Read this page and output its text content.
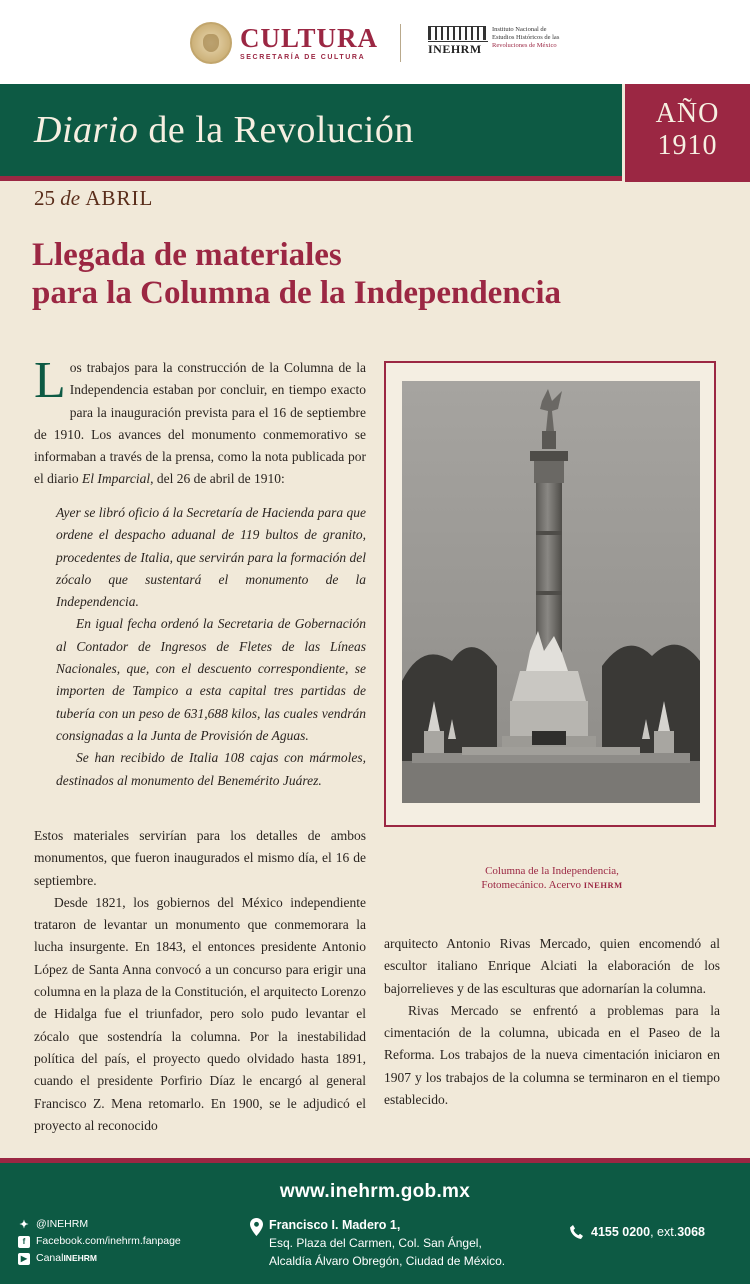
CULTURA
SECRETARÍA DE CULTURA
INEHRM
Instituto Nacional de
Estudios Históricos de las
Revoluciones de México
Diario de la Revolución	AÑO
1910
25 de ABRIL
Llegada de materiales
para la Columna de la Independencia

Los trabajos para la construcción de la Columna de la Independencia estaban por concluir, en tiempo exacto para la inauguración prevista para el 16 de septiembre de 1910. Los avances del monumento conmemorativo se informaban a través de la prensa, como la nota publicada por el diario El Imparcial, del 26 de abril de 1910:

Ayer se libró oficio á la Secretaría de Hacienda para que ordene el despacho aduanal de 119 bultos de granito, procedentes de Italia, que servirán para la formación del zócalo que sustentará el monumento de la Independencia.

En igual fecha ordenó la Secretaria de Gobernación al Contador de Ingresos de Fletes de las Líneas Nacionales, que, con el descuento correspondiente, se importen de Tampico a esta capital tres partidas de tubería con un peso de 631,688 kilos, las cuales vendrán consignadas a la Junta de Provisión de Aguas.

Se han recibido de Italia 108 cajas con mármoles, destinados al monumento del Benemérito Juárez.

Estos materiales servirían para los detalles de ambos monumentos, que fueron inaugurados el mismo día, el 16 de septiembre.

Desde 1821, los gobiernos del México independiente trataron de levantar un monumento que conmemorara la lucha insurgente. En 1843, el entonces presidente Antonio López de Santa Anna convocó a un concurso para erigir una columna en la plaza de la Constitución, el arquitecto Lorenzo de Hidalga fue el triunfador, pero solo pudo levantar el zócalo que sostendría la columna. Por la inestabilidad política del país, el proyecto quedo olvidado hasta 1891, cuando el presidente Porfirio Díaz le encargó al general Francisco Z. Mena retomarlo. En 1900, se le adjudicó el proyecto al reconocido

Columna de la Independencia,
Fotomecánico. Acervo INEHRM

arquitecto Antonio Rivas Mercado, quien encomendó al escultor italiano Enrique Alciati la elaboración de los bajorrelieves y de las esculturas que adornarían la columna.

Rivas Mercado se enfrentó a problemas para la cimentación de la columna, ubicada en el Paseo de la Reforma. Los trabajos de la nueva cimentación iniciaron en 1907 y los trabajos de la columna se terminaron en el tiempo establecido.

www.inehrm.gob.mx
✦ @INEHRM
f	Facebook.com/inehrm.fanpage
▶ Canal INEHRM
Francisco I. Madero 1,
Esq. Plaza del Carmen, Col. San Ángel,
Alcaldía Álvaro Obregón, Ciudad de México.
4155 0200 , ext. 3068
